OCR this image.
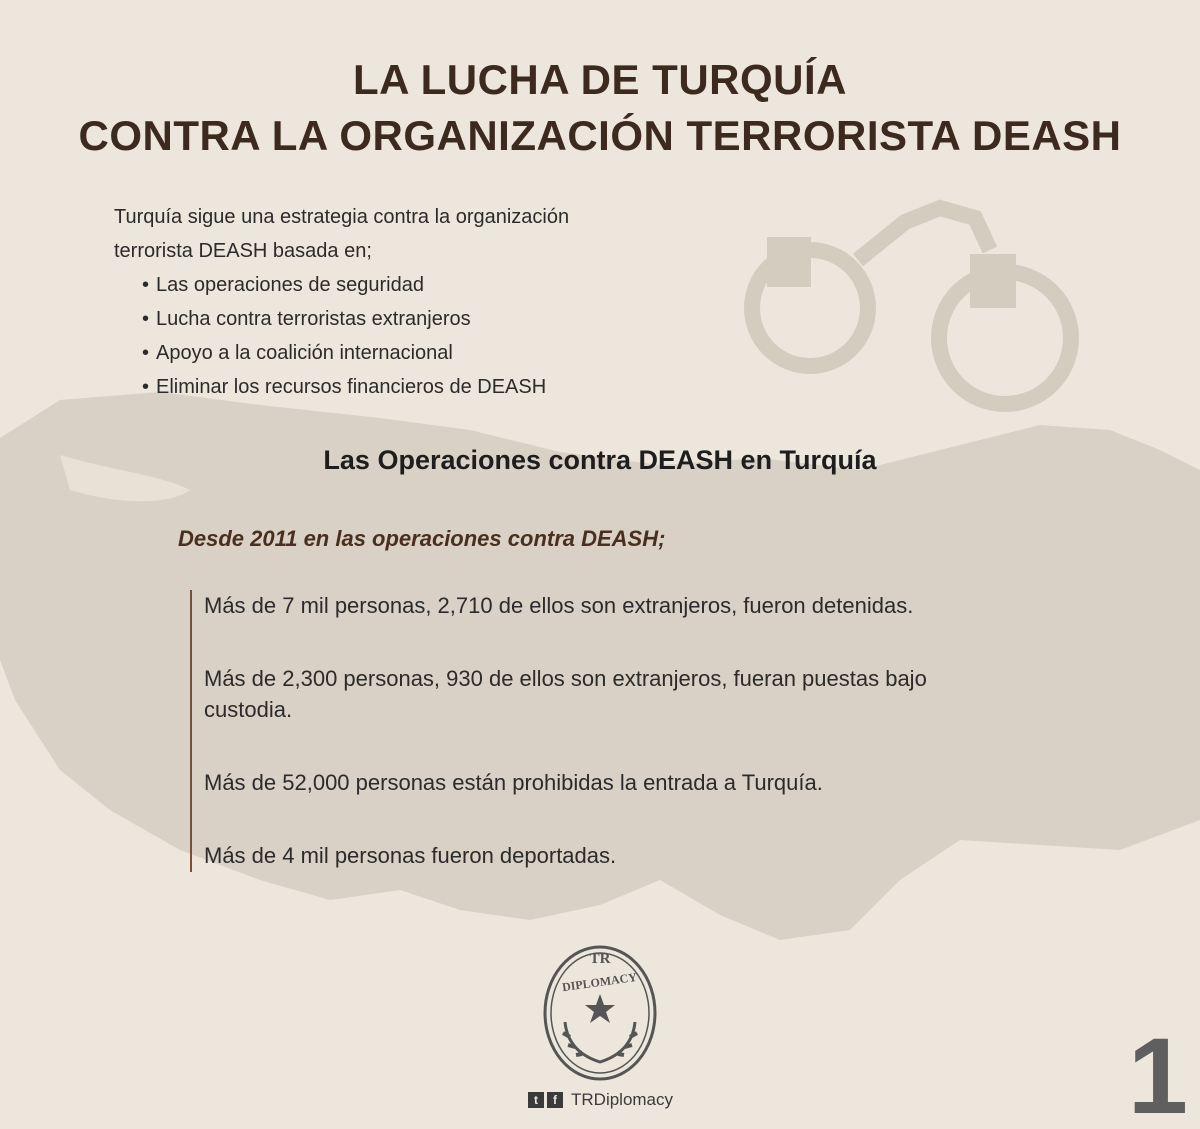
LA LUCHA DE TURQUÍA
CONTRA LA ORGANIZACIÓN TERRORISTA DEASH

Turquía sigue una estrategia contra la organización

terrorista DEASH basada en;

• Las operaciones de seguridad
• Lucha contra terroristas extranjeros
• Apoyo a la coalición internacional
• Eliminar los recursos financieros de DEASH
Las Operaciones contra DEASH en Turquía
Desde 2011 en las operaciones contra DEASH;

Más de 7 mil personas, 2,710 de ellos son extranjeros, fueron detenidas.

Más de 2,300 personas, 930 de ellos son extranjeros, fueran puestas bajo custodia.

Más de 52,000 personas están prohibidas la entrada a Turquía.

Más de 4 mil personas fueron deportadas.

TR
DIPLOMACY
t	f TRDiplomacy	1
